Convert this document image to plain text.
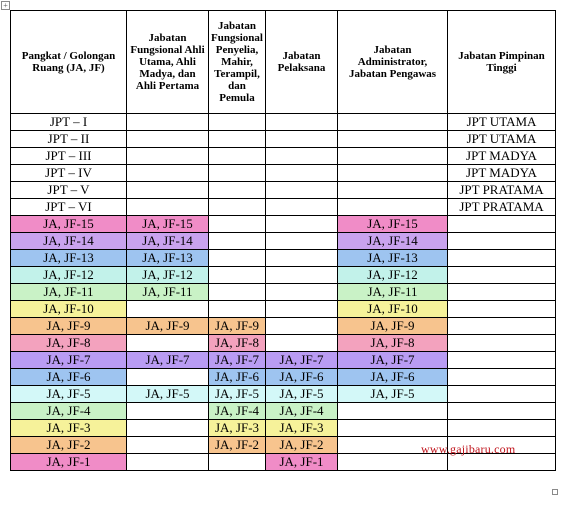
+
Pangkat / Golongan Ruang (JA, JF)	Jabatan Fungsional Ahli Utama, Ahli Madya, dan Ahli Pertama	Jabatan Fungsional Penyelia, Mahir, Terampil, dan Pemula	Jabatan Pelaksana	Jabatan Administrator, Jabatan Pengawas	Jabatan Pimpinan Tinggi

JPT – I					JPT UTAMA
JPT – II					JPT UTAMA
JPT – III					JPT MADYA
JPT – IV					JPT MADYA
JPT – V					JPT PRATAMA
JPT – VI					JPT PRATAMA
JA, JF-15	JA, JF-15			JA, JF-15	
JA, JF-14	JA, JF-14			JA, JF-14	
JA, JF-13	JA, JF-13			JA, JF-13	
JA, JF-12	JA, JF-12			JA, JF-12	
JA, JF-11	JA, JF-11			JA, JF-11	
JA, JF-10				JA, JF-10	
JA, JF-9	JA, JF-9	JA, JF-9		JA, JF-9	
JA, JF-8		JA, JF-8		JA, JF-8	
JA, JF-7	JA, JF-7	JA, JF-7	JA, JF-7	JA, JF-7	
JA, JF-6		JA, JF-6	JA, JF-6	JA, JF-6	
JA, JF-5	JA, JF-5	JA, JF-5	JA, JF-5	JA, JF-5	
JA, JF-4		JA, JF-4	JA, JF-4		
JA, JF-3		JA, JF-3	JA, JF-3		
JA, JF-2		JA, JF-2	JA, JF-2		
JA, JF-1			JA, JF-1		
www.gajibaru.com
